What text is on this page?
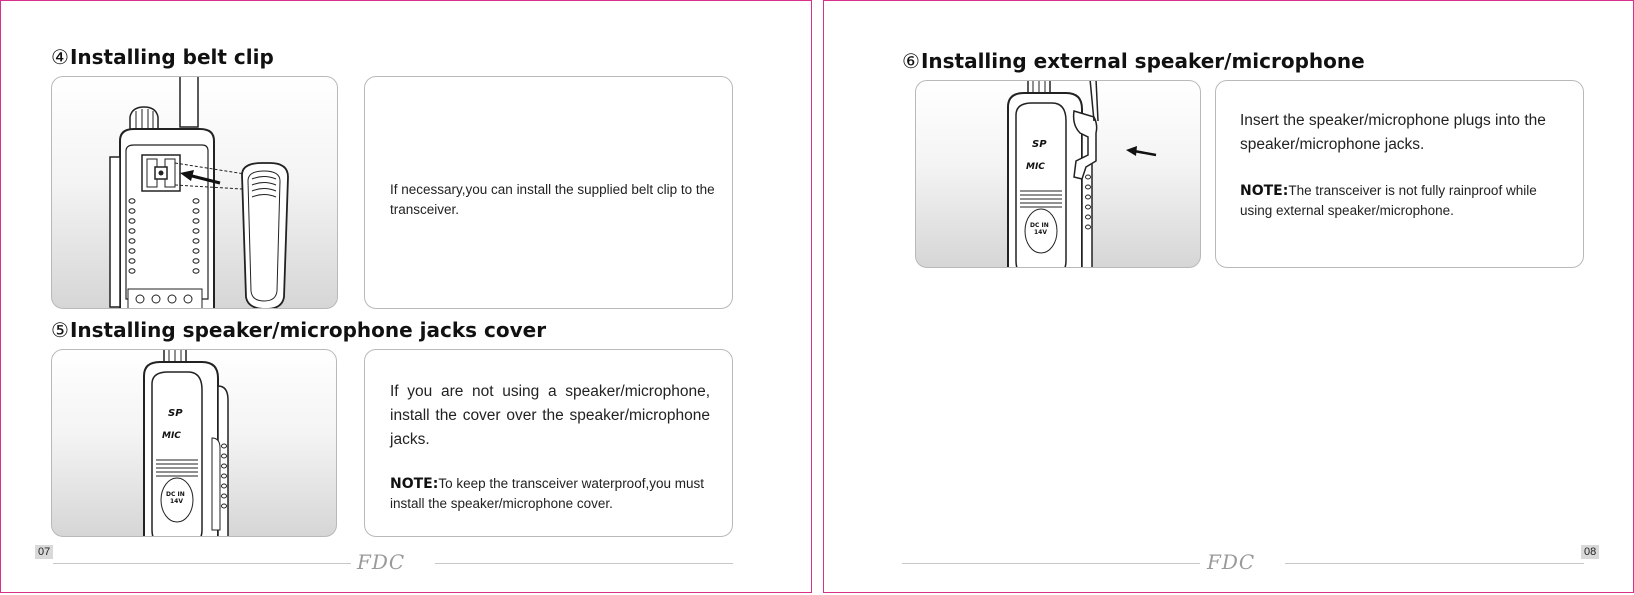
④Installing belt clip
If necessary,you can install the supplied belt clip to the transceiver.
⑤Installing speaker/microphone jacks cover
SP
MIC
DC IN
14V
If you are not using a speaker/microphone, install the cover over the speaker/microphone jacks.
NOTE:To keep the transceiver waterproof,you must install the speaker/microphone cover.
07	FDC
⑥Installing external speaker/microphone
SP
MIC
DC IN
14V
Insert the speaker/microphone plugs into the speaker/microphone jacks.
NOTE:The transceiver is not fully rainproof while using external speaker/microphone.
FDC	08
